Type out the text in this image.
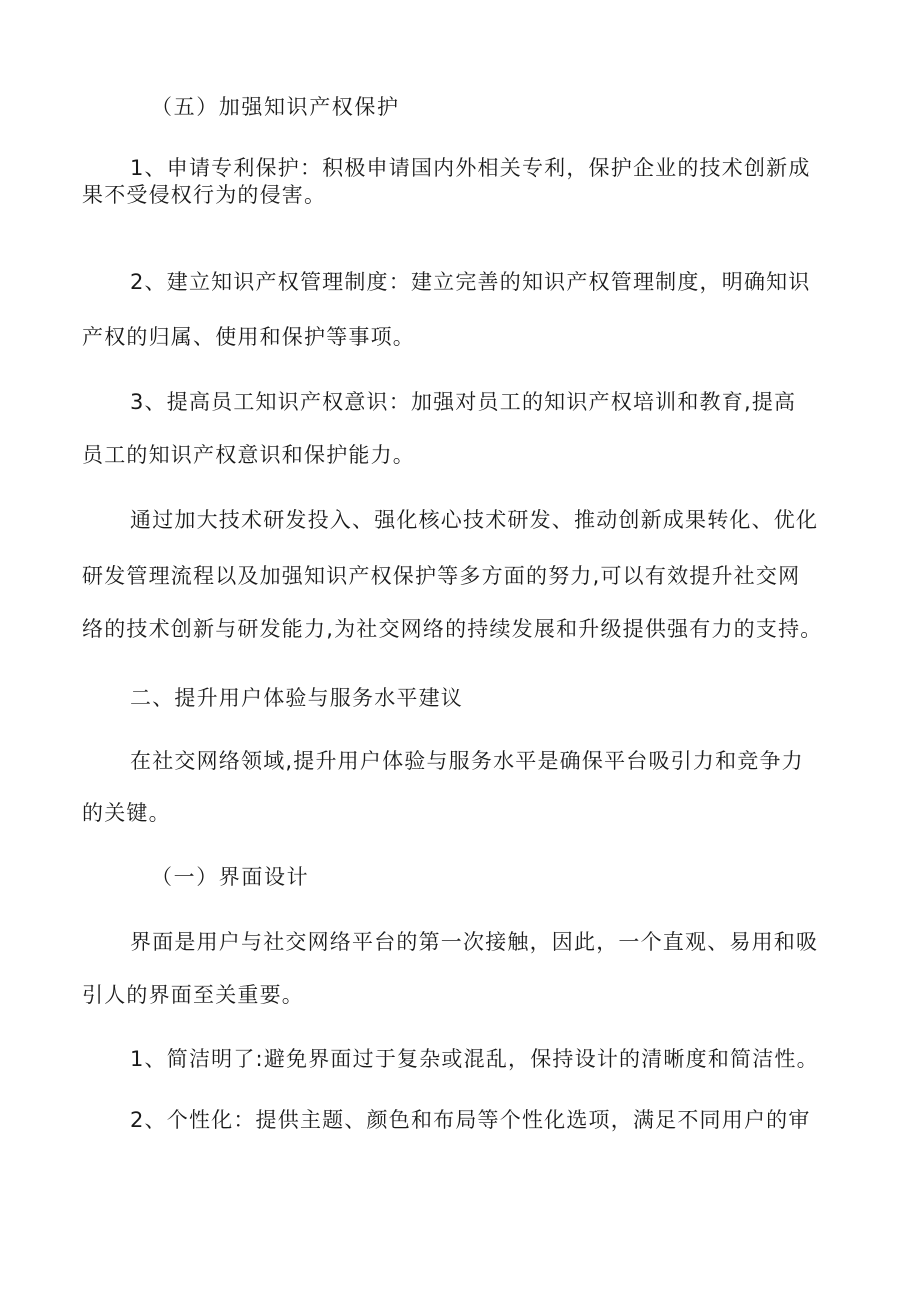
（五）加强知识产权保护
1、申请专利保护：积极申请国内外相关专利，保护企业的技术创新成
果不受侵权行为的侵害。
2、建立知识产权管理制度：建立完善的知识产权管理制度，明确知识
产权的归属、使用和保护等事项。
3、提高员工知识产权意识：加强对员工的知识产权培训和教育,提高
员工的知识产权意识和保护能力。
通过加大技术研发投入、强化核心技术研发、推动创新成果转化、优化
研发管理流程以及加强知识产权保护等多方面的努力,可以有效提升社交网
络的技术创新与研发能力,为社交网络的持续发展和升级提供强有力的支持。
二、提升用户体验与服务水平建议
在社交网络领域,提升用户体验与服务水平是确保平台吸引力和竞争力
的关键。
（一）界面设计
界面是用户与社交网络平台的第一次接触，因此，一个直观、易用和吸
引人的界面至关重要。
1、简洁明了:避免界面过于复杂或混乱，保持设计的清晰度和简洁性。
2、个性化：提供主题、颜色和布局等个性化选项，满足不同用户的审
